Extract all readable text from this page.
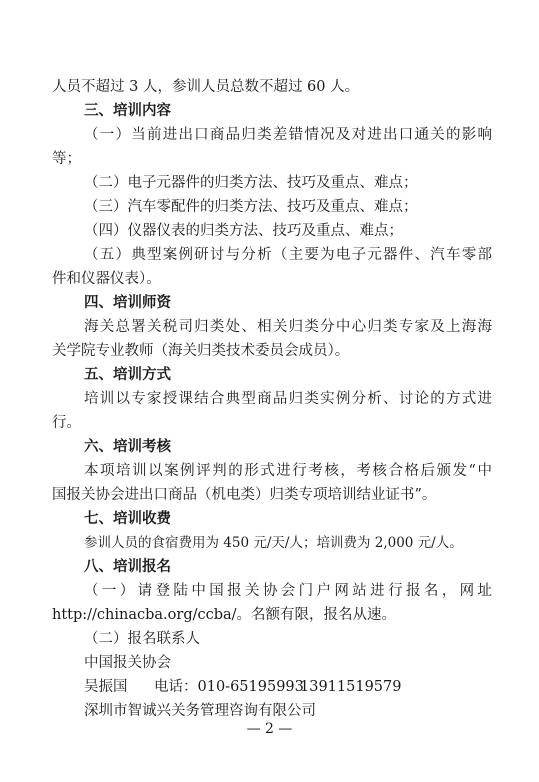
人员不超过 3 人，参训人员总数不超过 60 人。
三、培训内容
（一）当前进出口商品归类差错情况及对进出口通关的影响
等；
（二）电子元器件的归类方法、技巧及重点、难点；
（三）汽车零配件的归类方法、技巧及重点、难点；
（四）仪器仪表的归类方法、技巧及重点、难点；
（五）典型案例研讨与分析（主要为电子元器件、汽车零部
件和仪器仪表）。
四、培训师资
海关总署关税司归类处、相关归类分中心归类专家及上海海
关学院专业教师（海关归类技术委员会成员）。
五、培训方式
培训以专家授课结合典型商品归类实例分析、讨论的方式进
行。
六、培训考核
本项培训以案例评判的形式进行考核，考核合格后颁发“中
国报关协会进出口商品（机电类）归类专项培训结业证书”。
七、培训收费
参训人员的食宿费用为 450 元/天/人；培训费为 2,000 元/人。
八、培训报名
（一）请登陆中国报关协会门户网站进行报名，网址
http://chinacba.org/ccba/。名额有限，报名从速。
（二）报名联系人
中国报关协会
吴振国 电话：010-6519599313911519579
深圳市智诚兴关务管理咨询有限公司
— 2 —
